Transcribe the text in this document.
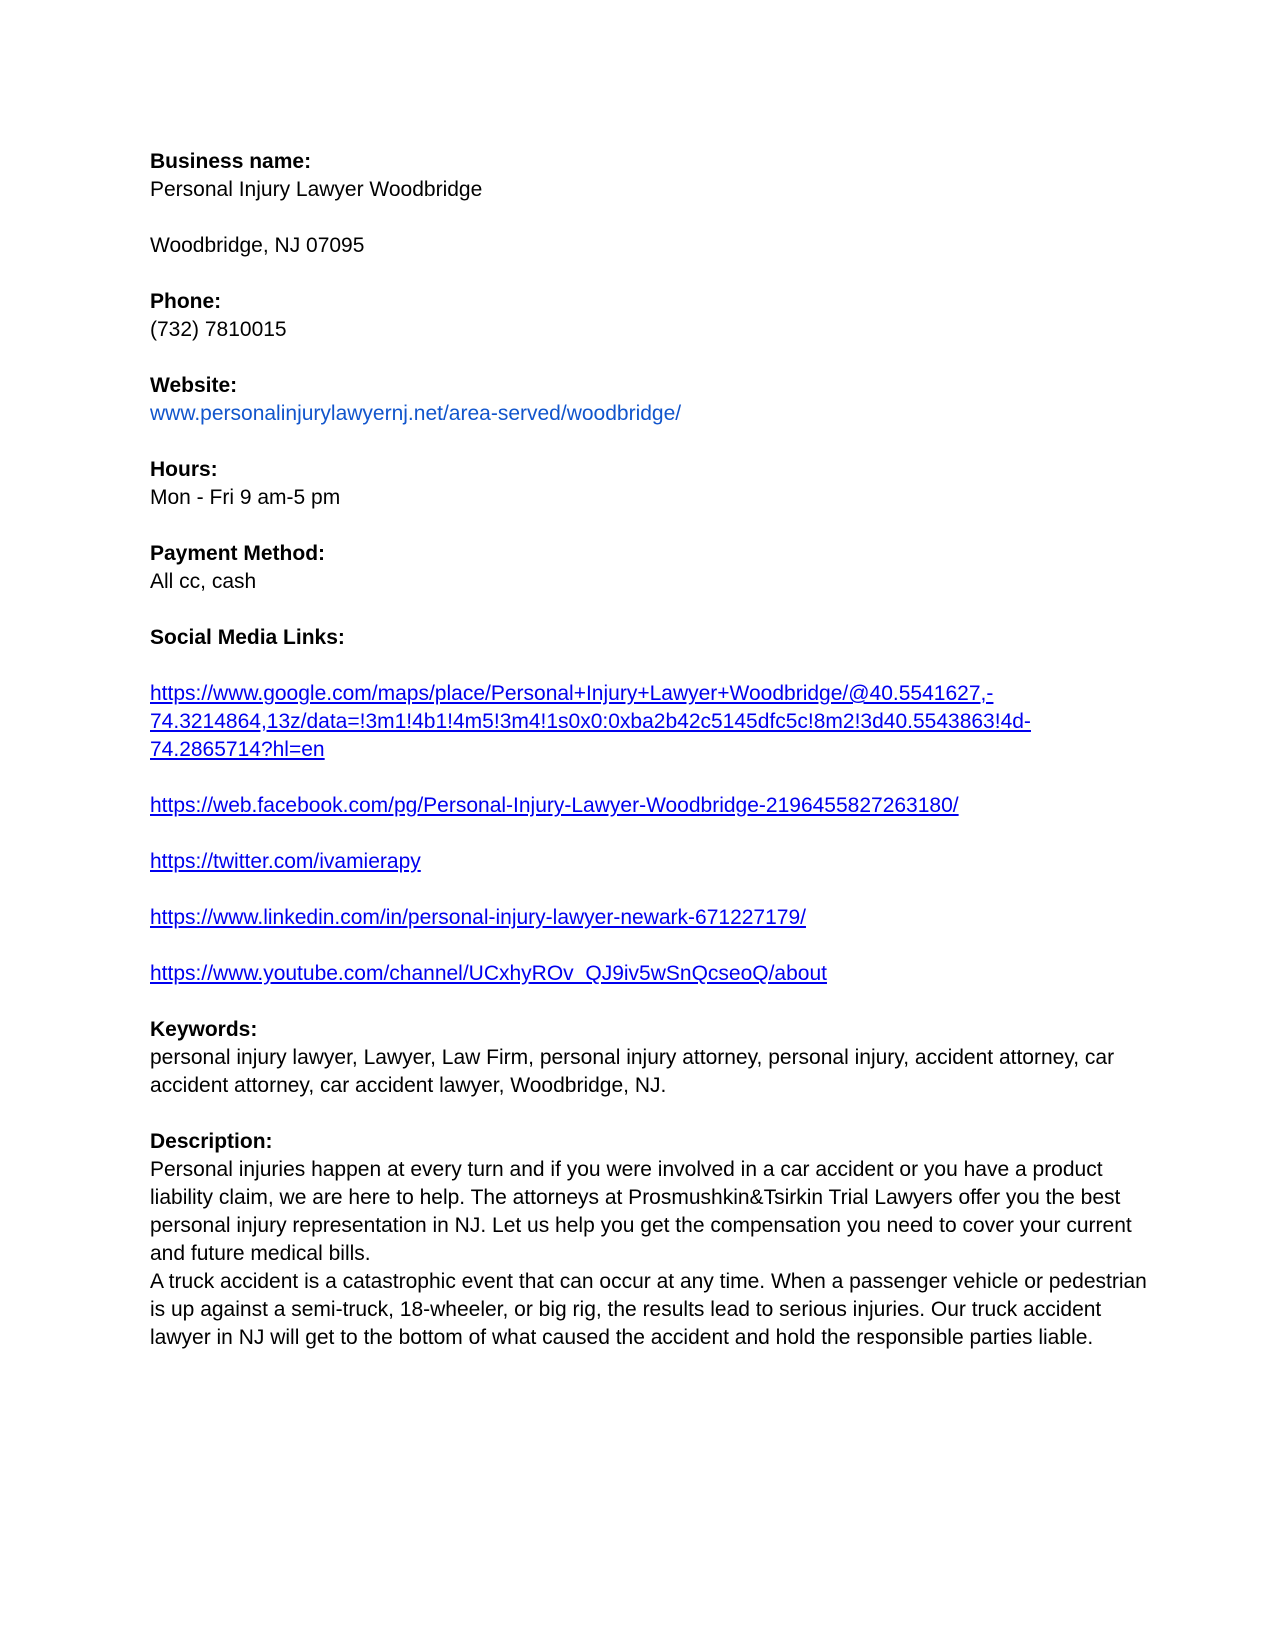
Business name:
Personal Injury Lawyer Woodbridge
Woodbridge, NJ 07095
Phone:
(732) 7810015
Website:
www.personalinjurylawyernj.net/area-served/woodbridge/
Hours:
Mon - Fri 9 am-5 pm
Payment Method:
All cc, cash
Social Media Links:
https://www.google.com/maps/place/Personal+Injury+Lawyer+Woodbridge/@40.5541627,-
74.3214864,13z/data=!3m1!4b1!4m5!3m4!1s0x0:0xba2b42c5145dfc5c!8m2!3d40.5543863!4d-
74.2865714?hl=en
https://web.facebook.com/pg/Personal-Injury-Lawyer-Woodbridge-2196455827263180/
https://twitter.com/ivamierapy
https://www.linkedin.com/in/personal-injury-lawyer-newark-671227179/
https://www.youtube.com/channel/UCxhyROv_QJ9iv5wSnQcseoQ/about
Keywords:

personal injury lawyer, Lawyer, Law Firm, personal injury attorney, personal injury, accident attorney, car accident attorney, car accident lawyer, Woodbridge, NJ.

Description:

Personal injuries happen at every turn and if you were involved in a car accident or you have a product liability claim, we are here to help. The attorneys at Prosmushkin&Tsirkin Trial Lawyers offer you the best personal injury representation in NJ. Let us help you get the compensation you need to cover your current and future medical bills.

A truck accident is a catastrophic event that can occur at any time. When a passenger vehicle or pedestrian is up against a semi-truck, 18-wheeler, or big rig, the results lead to serious injuries. Our truck accident lawyer in NJ will get to the bottom of what caused the accident and hold the responsible parties liable.
